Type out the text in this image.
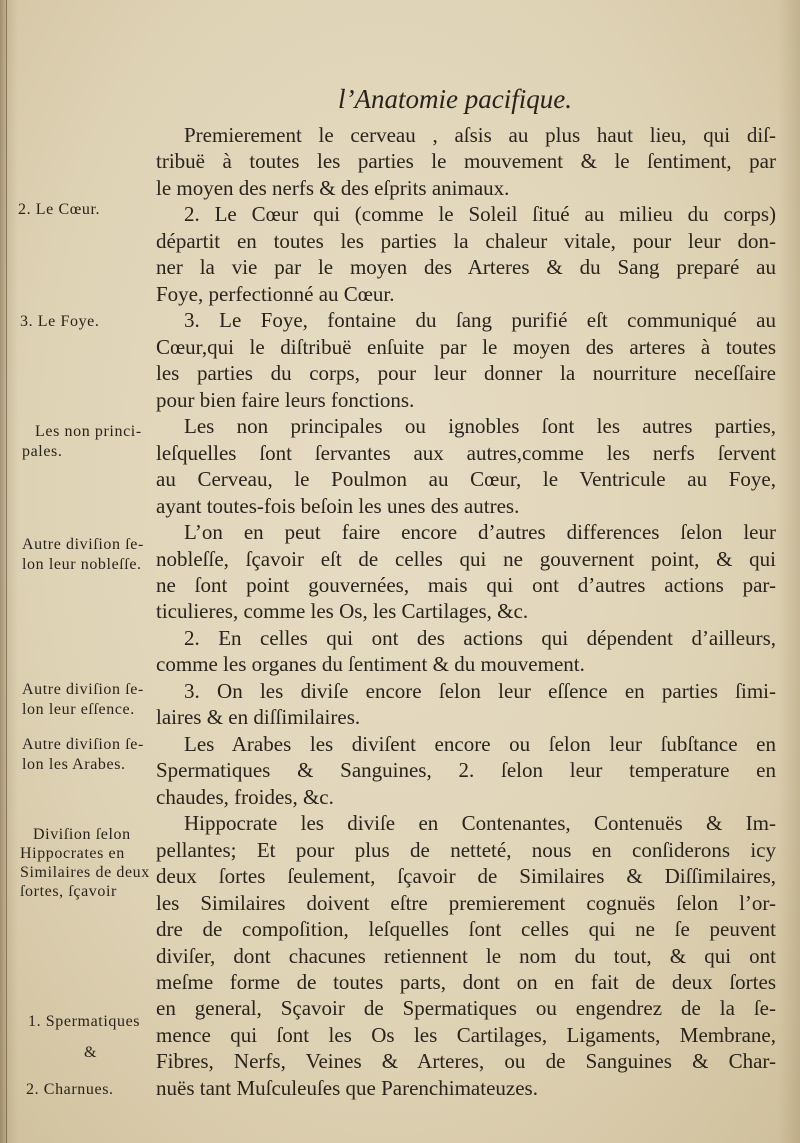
l’Anatomie pacifique.
2. Le Cœur.
3. Le Foye.
Les non princi-
pales.
Autre diviſion ſe-
lon leur nobleſſe.
Autre diviſion ſe-
lon leur eſſence.
Autre diviſion ſe-
lon les Arabes.
Diviſion ſelon
Hippocrates en
Similaires de deux
ſortes, ſçavoir
1. Spermatiques
&
2. Charnues.
Premierement le cerveau , aſsis au plus haut lieu, qui diſ-
tribuë à toutes les parties le mouvement & le ſentiment, par
le moyen des nerfs & des eſprits animaux.
2. Le Cœur qui (comme le Soleil ſitué au milieu du corps)
départit en toutes les parties la chaleur vitale, pour leur don-
ner la vie par le moyen des Arteres & du Sang preparé au
Foye, perfectionné au Cœur.
3. Le Foye, fontaine du ſang purifié eſt communiqué au
Cœur,qui le diſtribuë enſuite par le moyen des arteres à toutes
les parties du corps, pour leur donner la nourriture neceſſaire
pour bien faire leurs fonctions.
Les non principales ou ignobles ſont les autres parties,
leſquelles ſont ſervantes aux autres,comme les nerfs ſervent
au Cerveau, le Poulmon au Cœur, le Ventricule au Foye,
ayant toutes-fois beſoin les unes des autres.
L’on en peut faire encore d’autres differences ſelon leur
nobleſſe, ſçavoir eſt de celles qui ne gouvernent point, & qui
ne ſont point gouvernées, mais qui ont d’autres actions par-
ticulieres, comme les Os, les Cartilages, &c.
2. En celles qui ont des actions qui dépendent d’ailleurs,
comme les organes du ſentiment & du mouvement.
3. On les diviſe encore ſelon leur eſſence en parties ſimi-
laires & en diſſimilaires.
Les Arabes les diviſent encore ou ſelon leur ſubſtance en
Spermatiques & Sanguines, 2. ſelon leur temperature en
chaudes, froides, &c.
Hippocrate les diviſe en Contenantes, Contenuës & Im-
pellantes; Et pour plus de netteté, nous en conſiderons icy
deux ſortes ſeulement, ſçavoir de Similaires & Diſſimilaires,
les Similaires doivent eſtre premierement cognuës ſelon l’or-
dre de compoſition, leſquelles ſont celles qui ne ſe peuvent
diviſer, dont chacunes retiennent le nom du tout, & qui ont
meſme forme de toutes parts, dont on en fait de deux ſortes
en general, Sçavoir de Spermatiques ou engendrez de la ſe-
mence qui ſont les Os les Cartilages, Ligaments, Membrane,
Fibres, Nerfs, Veines & Arteres, ou de Sanguines & Char-
nuës tant Muſculeuſes que Parenchimateuzes.
